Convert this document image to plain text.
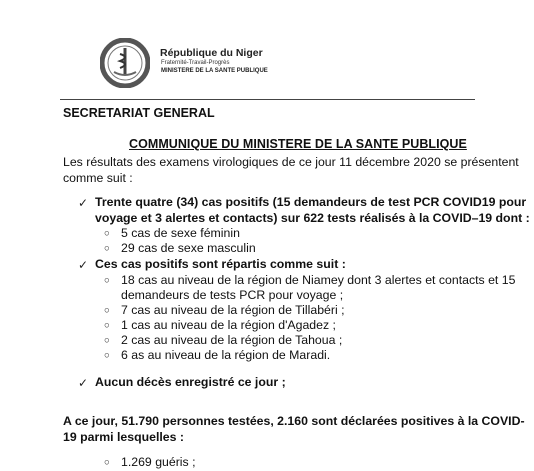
République du Niger
Fraternité-Travail-Progrès
MINISTERE DE LA SANTE PUBLIQUE
SECRETARIAT GENERAL
COMMUNIQUE DU MINISTERE DE LA SANTE PUBLIQUE
Les résultats des examens virologiques de ce jour 11 décembre 2020 se présentent
comme suit :
✓ Trente quatre (34) cas positifs (15 demandeurs de test PCR COVID19 pour
voyage et 3 alertes et contacts) sur 622 tests réalisés à la COVID–19 dont :
○ 5 cas de sexe féminin
○ 29 cas de sexe masculin
✓ Ces cas positifs sont répartis comme suit :
○ 18 cas au niveau de la région de Niamey dont 3 alertes et contacts et 15
demandeurs de tests PCR pour voyage ;
○ 7 cas au niveau de la région de Tillabéri ;
○ 1 cas au niveau de la région d'Agadez ;
○ 2 cas au niveau de la région de Tahoua ;
○ 6 as au niveau de la région de Maradi.
✓ Aucun décès enregistré ce jour ;
A ce jour, 51.790 personnes testées, 2.160 sont déclarées positives à la COVID-
19 parmi lesquelles :
○ 1.269 guéris ;
